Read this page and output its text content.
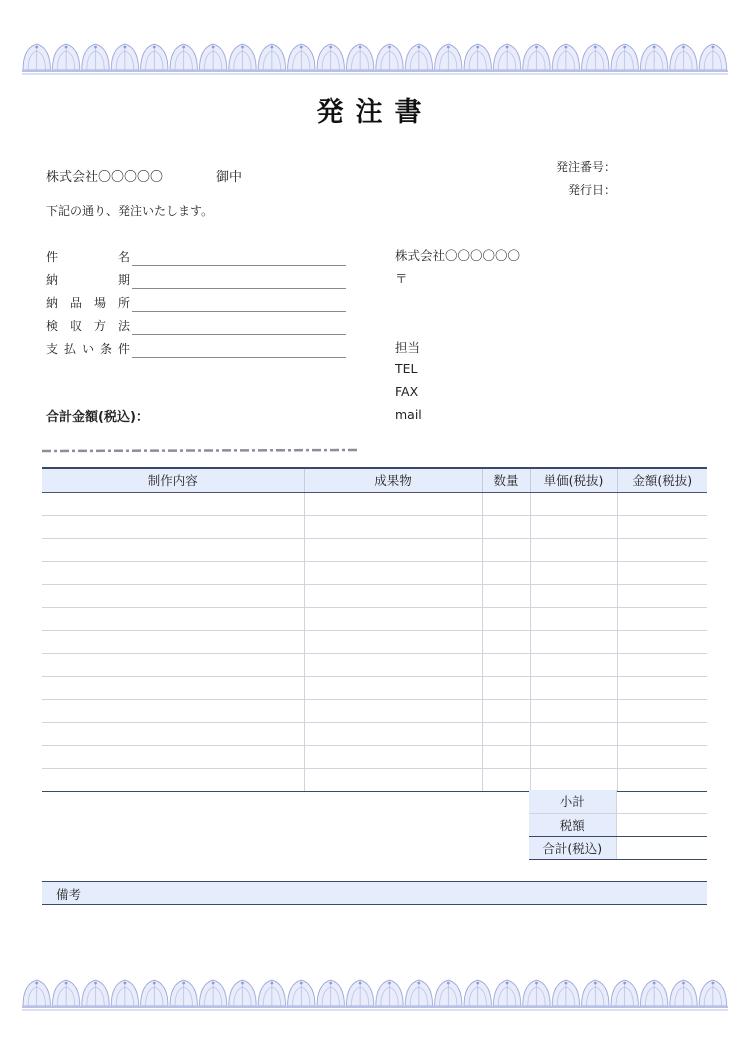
発注書
株式会社〇〇〇〇〇	御中
発注番号：
発行日：
下記の通り、発注いたします。
件	名
納	期
納 品 場 所
検 収 方 法
支 払 い 条 件
合計金額(税込)：
株式会社〇〇〇〇〇〇
〒
担当
TEL
FAX
mail
制作内容	成果物	数量	単価(税抜)	金額(税抜)

小計	
税額	
合計(税込)	
備考
